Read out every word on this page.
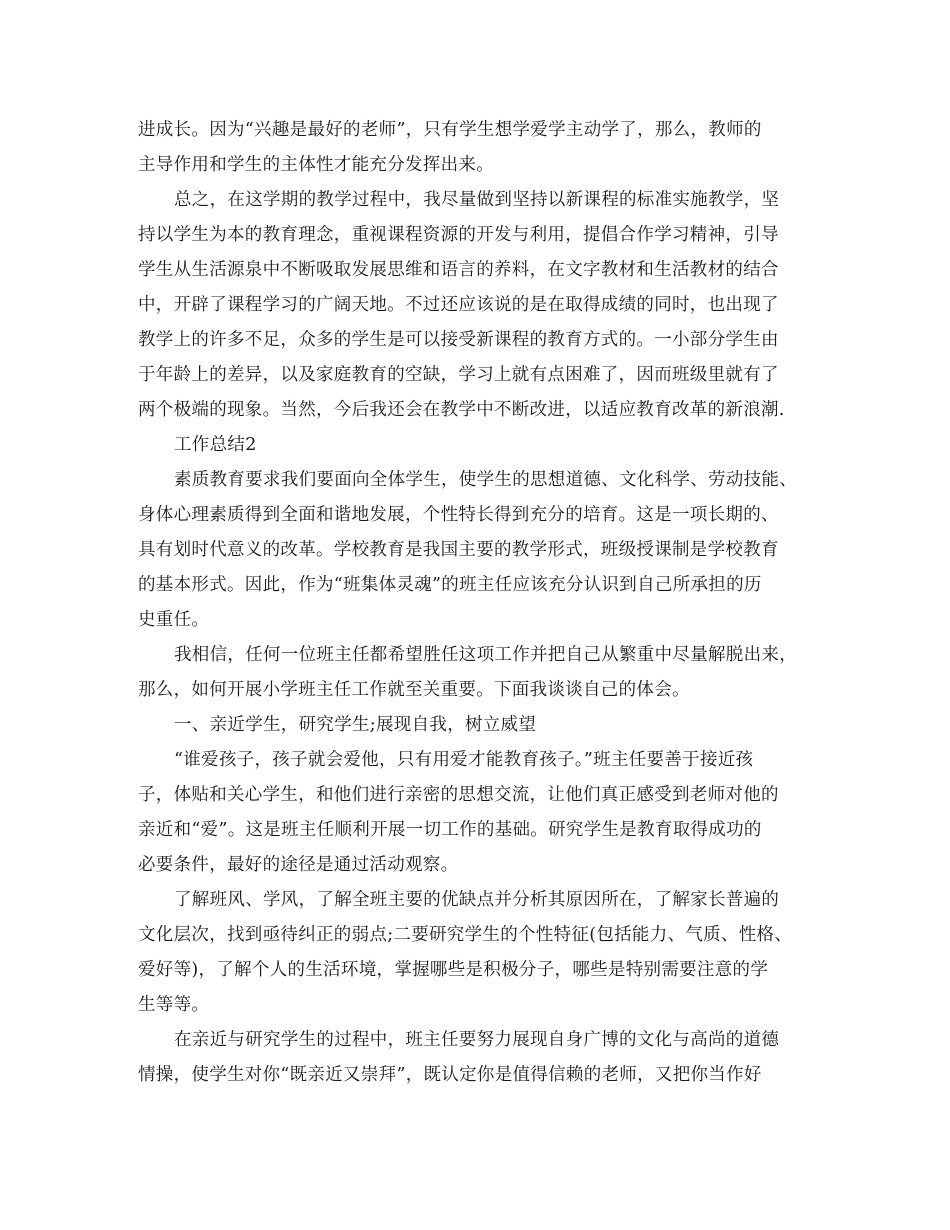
进成长。因为“兴趣是最好的老师”，只有学生想学爱学主动学了，那么，教师的
主导作用和学生的主体性才能充分发挥出来。
总之，在这学期的教学过程中，我尽量做到坚持以新课程的标准实施教学，坚
持以学生为本的教育理念，重视课程资源的开发与利用，提倡合作学习精神，引导
学生从生活源泉中不断吸取发展思维和语言的养料，在文字教材和生活教材的结合
中，开辟了课程学习的广阔天地。不过还应该说的是在取得成绩的同时，也出现了
教学上的许多不足，众多的学生是可以接受新课程的教育方式的。一小部分学生由
于年龄上的差异，以及家庭教育的空缺，学习上就有点困难了，因而班级里就有了
两个极端的现象。当然，今后我还会在教学中不断改进，以适应教育改革的新浪潮.
工作总结2
素质教育要求我们要面向全体学生，使学生的思想道德、文化科学、劳动技能、
身体心理素质得到全面和谐地发展，个性特长得到充分的培育。这是一项长期的、
具有划时代意义的改革。学校教育是我国主要的教学形式，班级授课制是学校教育
的基本形式。因此，作为“班集体灵魂”的班主任应该充分认识到自己所承担的历
史重任。
我相信，任何一位班主任都希望胜任这项工作并把自己从繁重中尽量解脱出来，
那么，如何开展小学班主任工作就至关重要。下面我谈谈自己的体会。
一、亲近学生，研究学生;展现自我，树立威望
“谁爱孩子，孩子就会爱他，只有用爱才能教育孩子。”班主任要善于接近孩
子，体贴和关心学生，和他们进行亲密的思想交流，让他们真正感受到老师对他的
亲近和“爱”。这是班主任顺利开展一切工作的基础。研究学生是教育取得成功的
必要条件，最好的途径是通过活动观察。
了解班风、学风，了解全班主要的优缺点并分析其原因所在，了解家长普遍的
文化层次，找到亟待纠正的弱点;二要研究学生的个性特征(包括能力、气质、性格、
爱好等)，了解个人的生活环境，掌握哪些是积极分子，哪些是特别需要注意的学
生等等。
在亲近与研究学生的过程中，班主任要努力展现自身广博的文化与高尚的道德
情操，使学生对你“既亲近又崇拜”，既认定你是值得信赖的老师，又把你当作好
